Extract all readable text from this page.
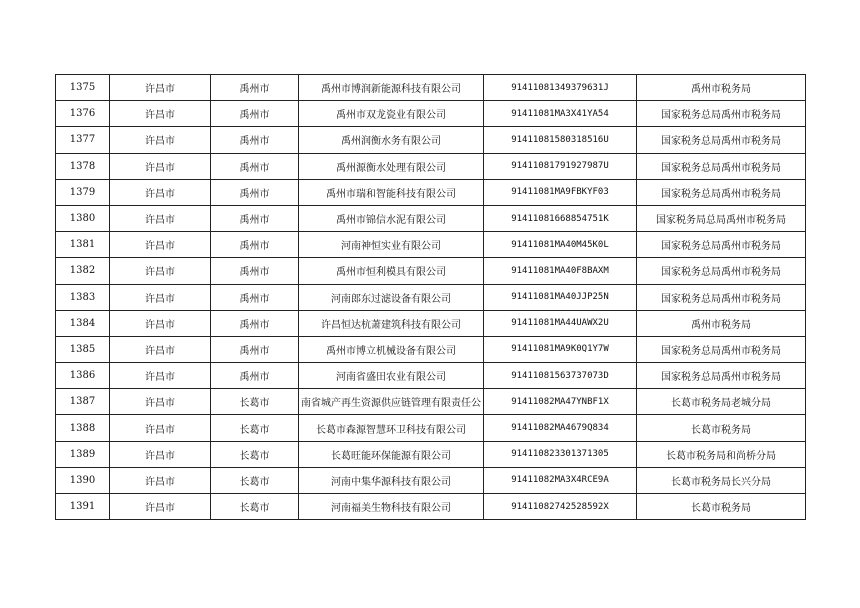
1375	许昌市	禹州市	禹州市博润新能源科技有限公司	91411081349379631J	禹州市税务局
1376	许昌市	禹州市	禹州市双龙瓷业有限公司	91411081MA3X41YA54	国家税务总局禹州市税务局
1377	许昌市	禹州市	禹州润衡水务有限公司	91411081580318516U	国家税务总局禹州市税务局
1378	许昌市	禹州市	禹州源衡水处理有限公司	91411081791927987U	国家税务总局禹州市税务局
1379	许昌市	禹州市	禹州市瑞和智能科技有限公司	91411081MA9FBKYF03	国家税务总局禹州市税务局
1380	许昌市	禹州市	禹州市锦信水泥有限公司	91411081668854751K	国家税务局总局禹州市税务局
1381	许昌市	禹州市	河南神恒实业有限公司	91411081MA40M45K0L	国家税务总局禹州市税务局
1382	许昌市	禹州市	禹州市恒利模具有限公司	91411081MA40F8BAXM	国家税务总局禹州市税务局
1383	许昌市	禹州市	河南郎东过滤设备有限公司	91411081MA40JJP25N	国家税务总局禹州市税务局
1384	许昌市	禹州市	许昌恒达杭萧建筑科技有限公司	91411081MA44UAWX2U	禹州市税务局
1385	许昌市	禹州市	禹州市博立机械设备有限公司	91411081MA9K0Q1Y7W	国家税务总局禹州市税务局
1386	许昌市	禹州市	河南省盛田农业有限公司	91411081563737073D	国家税务总局禹州市税务局
1387	许昌市	长葛市	南省城产再生资源供应链管理有限责任公	91411082MA47YNBF1X	长葛市税务局老城分局
1388	许昌市	长葛市	长葛市森源智慧环卫科技有限公司	91411082MA4679Q834	长葛市税务局
1389	许昌市	长葛市	长葛旺能环保能源有限公司	914110823301371305	长葛市税务局和尚桥分局
1390	许昌市	长葛市	河南中集华源科技有限公司	91411082MA3X4RCE9A	长葛市税务局长兴分局
1391	许昌市	长葛市	河南福美生物科技有限公司	91411082742528592X	长葛市税务局
